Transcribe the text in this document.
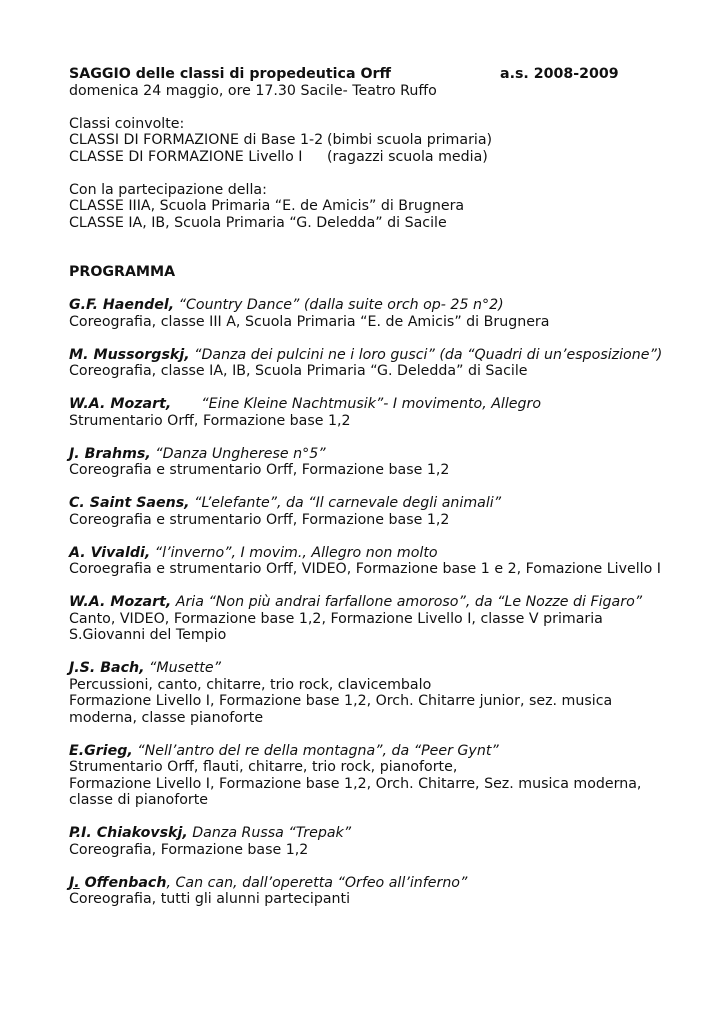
SAGGIO delle classi di propedeutica Orff	a.s. 2008-2009
domenica 24 maggio, ore 17.30 Sacile- Teatro Ruffo
Classi coinvolte:
CLASSI DI FORMAZIONE di Base 1-2 (bimbi scuola primaria)
CLASSE DI FORMAZIONE Livello I (ragazzi scuola media)
Con la partecipazione della:
CLASSE IIIA, Scuola Primaria “E. de Amicis” di Brugnera
CLASSE IA, IB, Scuola Primaria “G. Deledda” di Sacile
PROGRAMMA
G.F. Haendel, “Country Dance” (dalla suite orch op- 25 n°2)
Coreografia, classe III A, Scuola Primaria “E. de Amicis” di Brugnera
M. Mussorgskj, “Danza dei pulcini ne i loro gusci” (da “Quadri di un’esposizione”)
Coreografia, classe IA, IB, Scuola Primaria “G. Deledda” di Sacile
W.A. Mozart, “Eine Kleine Nachtmusik”- I movimento, Allegro
Strumentario Orff, Formazione base 1,2
J. Brahms, “Danza Ungherese n°5”
Coreografia e strumentario Orff, Formazione base 1,2
C. Saint Saens, “L’elefante”, da “Il carnevale degli animali”
Coreografia e strumentario Orff, Formazione base 1,2
A. Vivaldi, “l’inverno”, I movim., Allegro non molto
Coroegrafia e strumentario Orff, VIDEO, Formazione base 1 e 2, Fomazione Livello I
W.A. Mozart, Aria “Non più andrai farfallone amoroso”, da “Le Nozze di Figaro”
Canto, VIDEO, Formazione base 1,2, Formazione Livello I, classe V primaria
S.Giovanni del Tempio
J.S. Bach, “Musette”
Percussioni, canto, chitarre, trio rock, clavicembalo
Formazione Livello I, Formazione base 1,2, Orch. Chitarre junior, sez. musica
moderna, classe pianoforte
E.Grieg, “Nell’antro del re della montagna”, da “Peer Gynt”
Strumentario Orff, flauti, chitarre, trio rock, pianoforte,
Formazione Livello I, Formazione base 1,2, Orch. Chitarre, Sez. musica moderna,
classe di pianoforte
P.I. Chiakovskj, Danza Russa “Trepak”
Coreografia, Formazione base 1,2
J. Offenbach, Can can, dall’operetta “Orfeo all’inferno”
Coreografia, tutti gli alunni partecipanti
